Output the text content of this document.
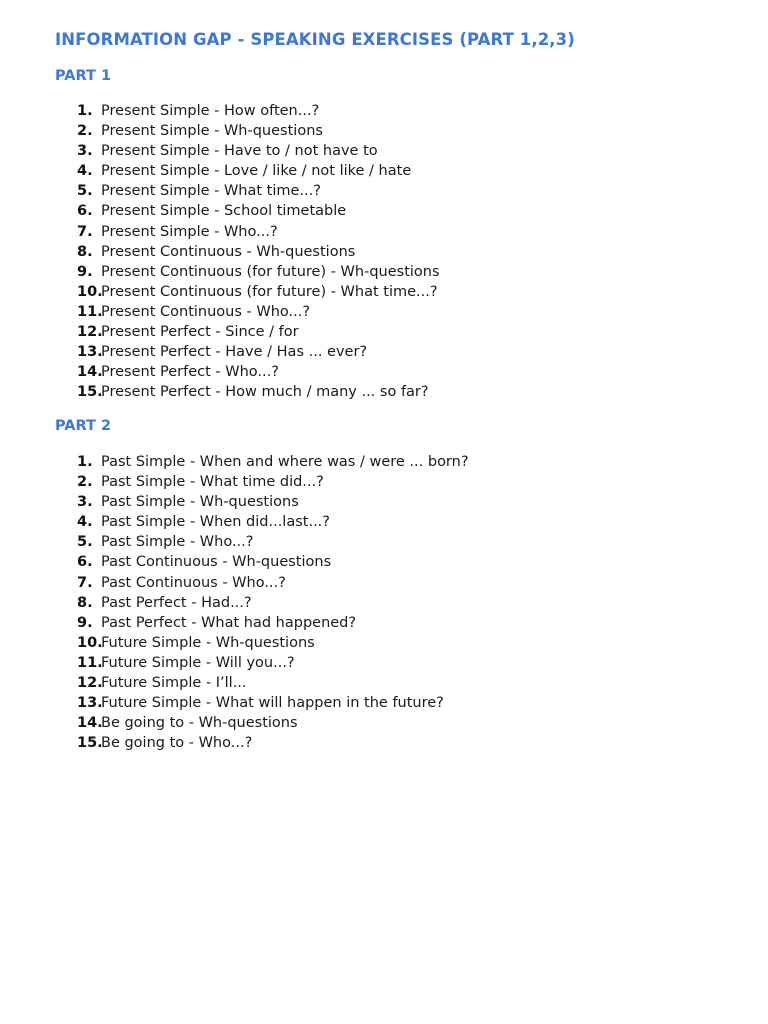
INFORMATION GAP - SPEAKING EXERCISES (PART 1,2,3)
PART 1
1. Present Simple - How often...?
2. Present Simple - Wh-questions
3. Present Simple - Have to / not have to
4. Present Simple - Love / like / not like / hate
5. Present Simple - What time...?
6. Present Simple - School timetable
7. Present Simple - Who...?
8. Present Continuous - Wh-questions
9. Present Continuous (for future) - Wh-questions
10.
Present Continuous (for future) - What time...?
11.
Present Continuous - Who...?
12.
Present Perfect - Since / for
13.
Present Perfect - Have / Has ... ever?
14.
Present Perfect - Who...?
15.
Present Perfect - How much / many ... so far?
PART 2
1. Past Simple - When and where was / were ... born?
2. Past Simple - What time did...?
3. Past Simple - Wh-questions
4. Past Simple - When did...last...?
5. Past Simple - Who...?
6. Past Continuous - Wh-questions
7. Past Continuous - Who...?
8. Past Perfect - Had...?
9. Past Perfect - What had happened?
10.
Future Simple - Wh-questions
11.
Future Simple - Will you...?
12.
Future Simple - I’ll...
13.
Future Simple - What will happen in the future?
14.
Be going to - Wh-questions
15.
Be going to - Who...?
